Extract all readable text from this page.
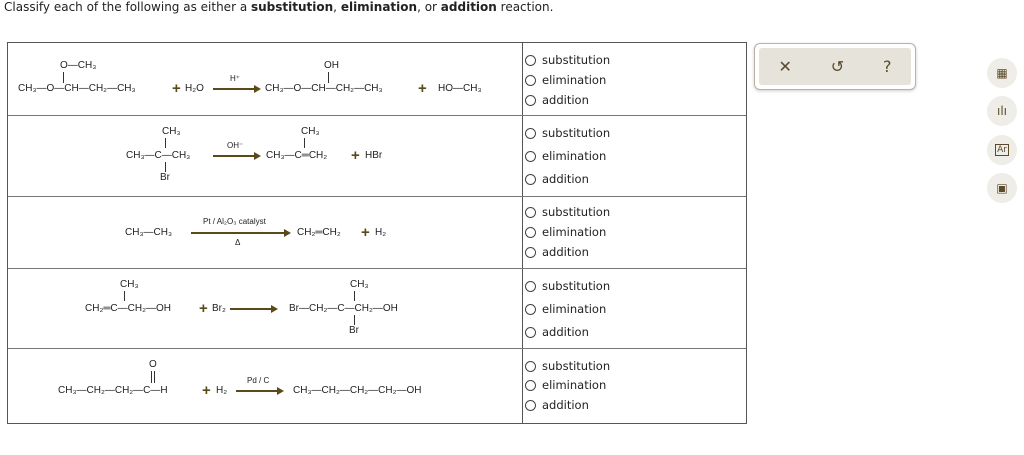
Classify each of the following as either a substitution, elimination, or addition reaction.
O—CH₃
CH₃—O—CH—CH₂—CH₃ + H₂O
H⁺
OH
CH₃—O—CH—CH₂—CH₃ + HO—CH₃
CH₃
CH₃—C—CH₃
Br
OH⁻
CH₃
CH₃—C═CH₂ + HBr
CH₃—CH₃
Pt / Al₂O₃ catalyst
Δ
CH₂═CH₂ + H₂
CH₃
CH₂═C—CH₂—OH + Br₂ →
CH₃
Br—CH₂—C—CH₂—OH
Br
O
CH₃—CH₂—CH₂—C—H + H₂
Pd / C
→ CH₃—CH₂—CH₂—CH₂—OH
substitution
elimination
addition
substitution
elimination
addition
substitution
elimination
addition
substitution
elimination
addition
substitution
elimination
addition
✕ ↺ ?	▦
ılı
Ar
▣
